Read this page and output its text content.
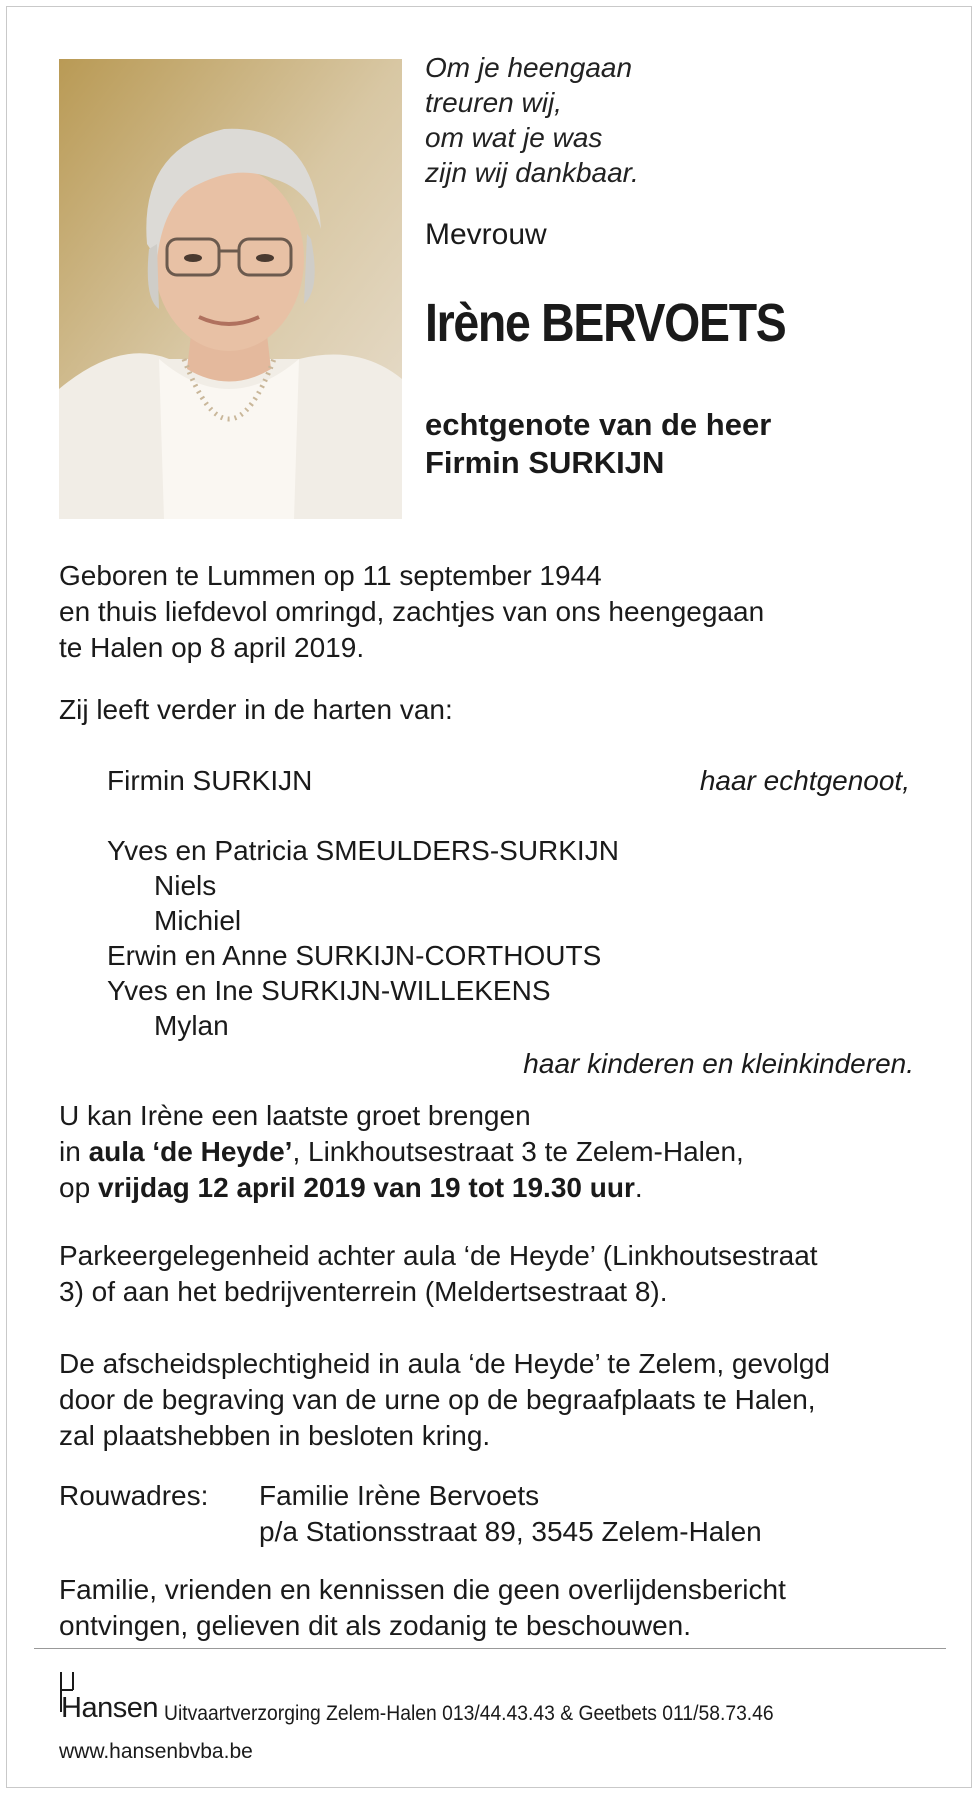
Om je heengaan
treuren wij,
om wat je was
zijn wij dankbaar.
Mevrouw
Irène BERVOETS
echtgenote van de heer
Firmin SURKIJN
Geboren te Lummen op 11 september 1944
en thuis liefdevol omringd, zachtjes van ons heengegaan
te Halen op 8 april 2019.
Zij leeft verder in de harten van:
Firmin SURKIJN	haar echtgenoot,
Yves en Patricia SMEULDERS-SURKIJN
Niels
Michiel
Erwin en Anne SURKIJN-CORTHOUTS
Yves en Ine SURKIJN-WILLEKENS
Mylan
haar kinderen en kleinkinderen.
U kan Irène een laatste groet brengen
in aula ‘de Heyde’, Linkhoutsestraat 3 te Zelem-Halen,
op vrijdag 12 april 2019 van 19 tot 19.30 uur.
Parkeergelegenheid achter aula ‘de Heyde’ (Linkhoutsestraat
3) of aan het bedrijventerrein (Meldertsestraat 8).
De afscheidsplechtigheid in aula ‘de Heyde’ te Zelem, gevolgd
door de begraving van de urne op de begraafplaats te Halen,
zal plaatshebben in besloten kring.
Rouwadres: Familie Irène Bervoets
p/a Stationsstraat 89, 3545 Zelem-Halen
Familie, vrienden en kennissen die geen overlijdensbericht
ontvingen, gelieven dit als zodanig te beschouwen.
Hansen Uitvaartverzorging Zelem-Halen 013/44.43.43 & Geetbets 011/58.73.46
www.hansenbvba.be
